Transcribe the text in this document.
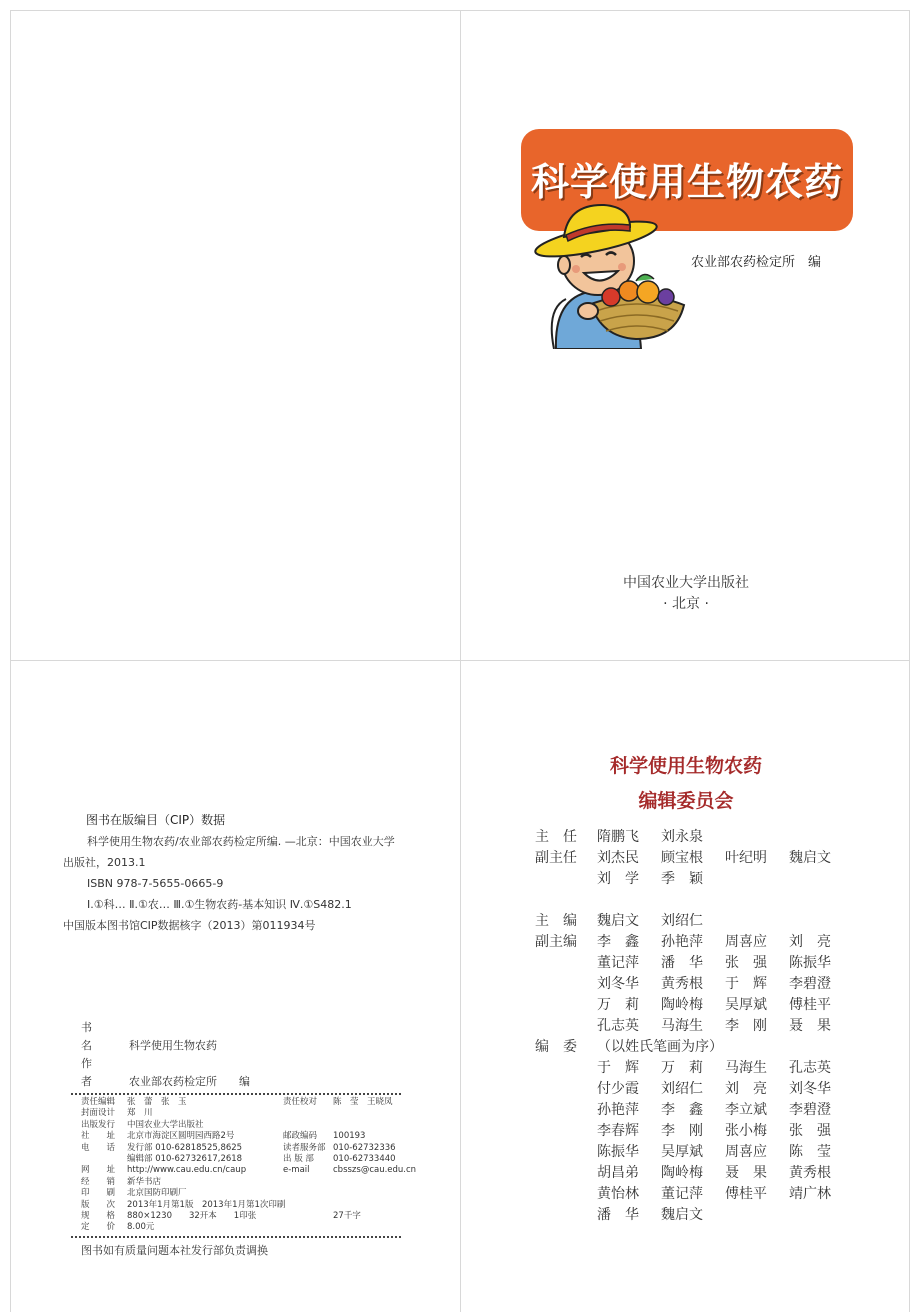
科学使用生物农药
农业部农药检定所　编
中国农业大学出版社
· 北京 ·
图书在版编目（CIP）数据
科学使用生物农药/农业部农药检定所编. —北京：中国农业大学
出版社，2013.1
ISBN 978-7-5655-0665-9
Ⅰ.①科… Ⅱ.①农… Ⅲ.①生物农药-基本知识 Ⅳ.①S482.1
中国版本图书馆CIP数据核字（2013）第011934号
书　名	科学使用生物农药
作　者	农业部农药检定所　　编
责任编辑 张　蕾　张　玉	责任校对 陈　莹　王晓凤
封面设计 郑　川
出版发行 中国农业大学出版社
社　　址 北京市海淀区圆明园西路2号	邮政编码 100193
电　　话 发行部 010-62818525,8625	读者服务部 010-62732336
编辑部 010-62732617,2618	出 版 部 010-62733440
网　　址 http://www.cau.edu.cn/caup	e-mail	cbsszs@cau.edu.cn
经　　销 新华书店
印　　刷 北京国防印刷厂
版　　次 2013年1月第1版　2013年1月第1次印刷
规　　格 880×1230　　32开本　　1印张	27千字
定　　价 8.00元
图书如有质量问题本社发行部负责调换
科学使用生物农药
编辑委员会
主　任	隋鹏飞	刘永泉
副主任	刘杰民	顾宝根	叶纪明	魏启文
刘　学	季　颖
主　编	魏启文	刘绍仁
副主编	李　鑫	孙艳萍	周喜应	刘　亮
董记萍	潘　华	张　强	陈振华
刘冬华	黄秀根	于　辉	李碧澄
万　莉	陶岭梅	吴厚斌	傅桂平
孔志英	马海生	李　刚	聂　果
编　委	（以姓氏笔画为序）
于　辉	万　莉	马海生	孔志英
付少霞	刘绍仁	刘　亮	刘冬华
孙艳萍	李　鑫	李立斌	李碧澄
李春辉	李　刚	张小梅	张　强
陈振华	吴厚斌	周喜应	陈　莹
胡昌弟	陶岭梅	聂　果	黄秀根
黄怡林	董记萍	傅桂平	靖广林
潘　华	魏启文
